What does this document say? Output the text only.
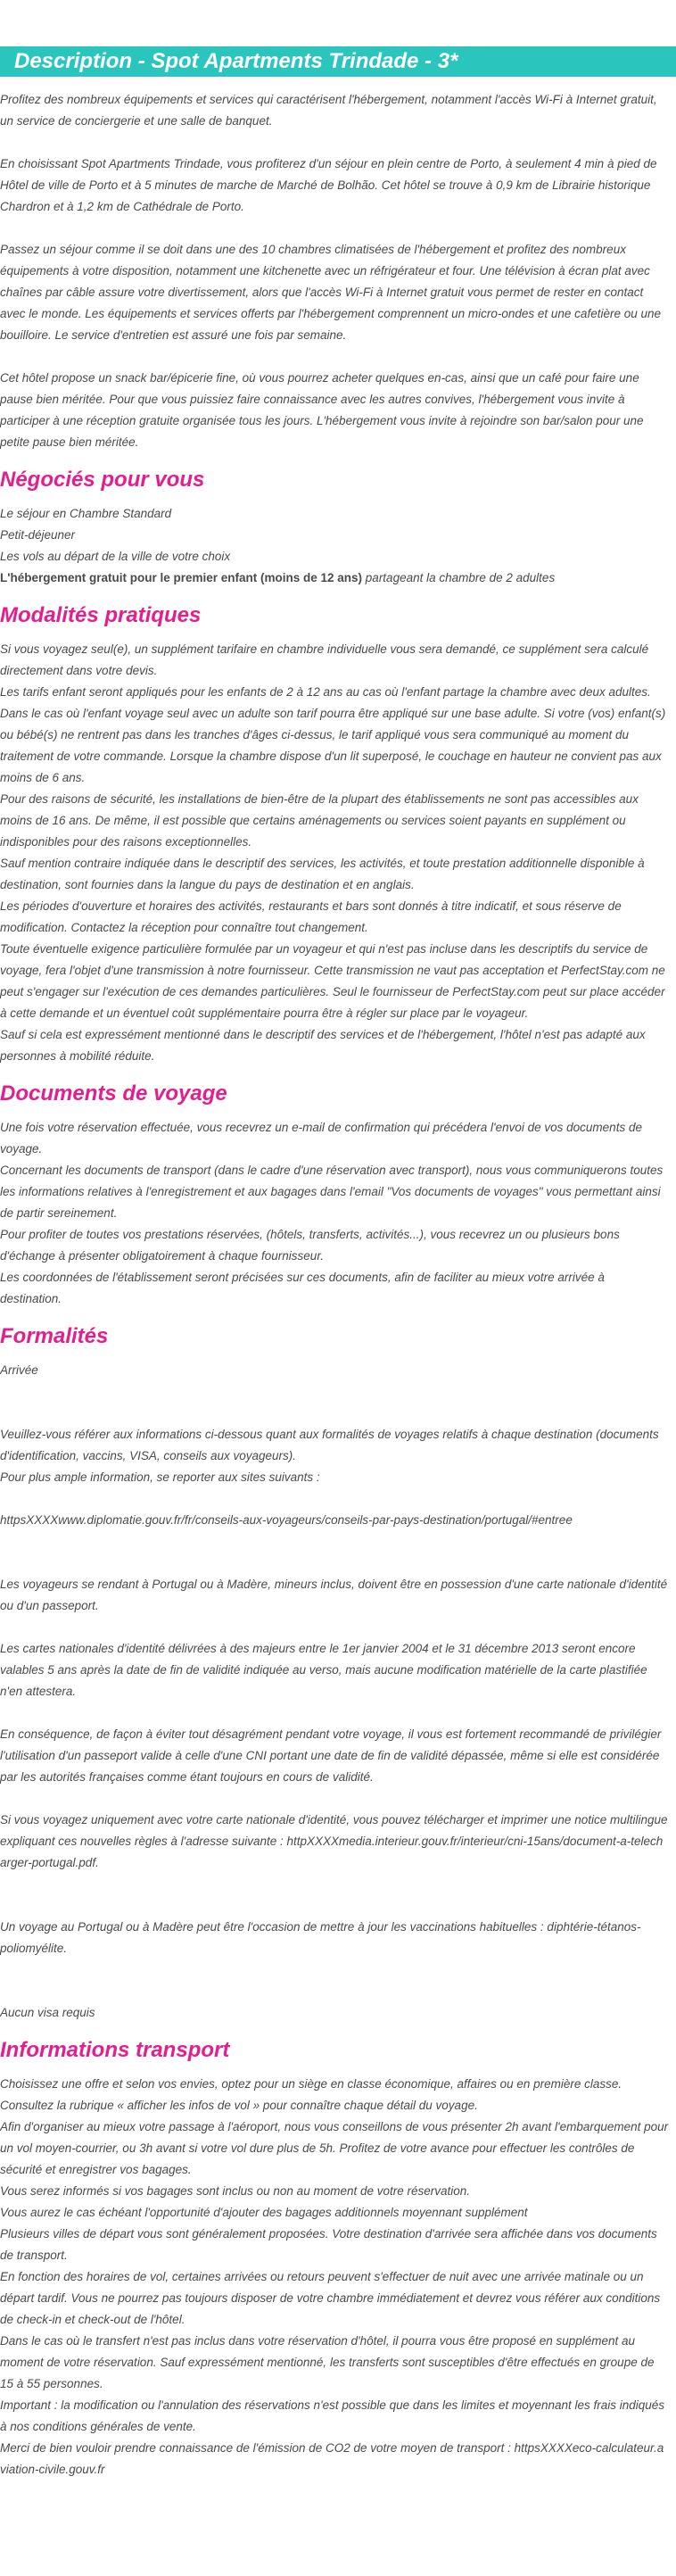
Description - Spot Apartments Trindade - 3*

Profitez des nombreux équipements et services qui caractérisent l'hébergement, notamment l'accès Wi-Fi à Internet gratuit, un service de conciergerie et une salle de banquet.

En choisissant Spot Apartments Trindade, vous profiterez d'un séjour en plein centre de Porto, à seulement 4 min à pied de Hôtel de ville de Porto et à 5 minutes de marche de Marché de Bolhão. Cet hôtel se trouve à 0,9 km de Librairie historique Chardron et à 1,2 km de Cathédrale de Porto.

Passez un séjour comme il se doit dans une des 10 chambres climatisées de l'hébergement et profitez des nombreux équipements à votre disposition, notamment une kitchenette avec un réfrigérateur et four. Une télévision à écran plat avec chaînes par câble assure votre divertissement, alors que l'accès Wi-Fi à Internet gratuit vous permet de rester en contact avec le monde. Les équipements et services offerts par l'hébergement comprennent un micro-ondes et une cafetière ou une bouilloire. Le service d'entretien est assuré une fois par semaine.

Cet hôtel propose un snack bar/épicerie fine, où vous pourrez acheter quelques en-cas, ainsi que un café pour faire une pause bien méritée. Pour que vous puissiez faire connaissance avec les autres convives, l'hébergement vous invite à participer à une réception gratuite organisée tous les jours. L'hébergement vous invite à rejoindre son bar/salon pour une petite pause bien méritée.

Négociés pour vous

Le séjour en Chambre Standard

Petit-déjeuner

Les vols au départ de la ville de votre choix

L'hébergement gratuit pour le premier enfant (moins de 12 ans) partageant la chambre de 2 adultes

Modalités pratiques

Si vous voyagez seul(e), un supplément tarifaire en chambre individuelle vous sera demandé, ce supplément sera calculé directement dans votre devis.

Les tarifs enfant seront appliqués pour les enfants de 2 à 12 ans au cas où l'enfant partage la chambre avec deux adultes. Dans le cas où l'enfant voyage seul avec un adulte son tarif pourra être appliqué sur une base adulte. Si votre (vos) enfant(s) ou bébé(s) ne rentrent pas dans les tranches d'âges ci-dessus, le tarif appliqué vous sera communiqué au moment du traitement de votre commande. Lorsque la chambre dispose d'un lit superposé, le couchage en hauteur ne convient pas aux moins de 6 ans.

Pour des raisons de sécurité, les installations de bien-être de la plupart des établissements ne sont pas accessibles aux moins de 16 ans. De même, il est possible que certains aménagements ou services soient payants en supplément ou indisponibles pour des raisons exceptionnelles.

Sauf mention contraire indiquée dans le descriptif des services, les activités, et toute prestation additionnelle disponible à destination, sont fournies dans la langue du pays de destination et en anglais.

Les périodes d'ouverture et horaires des activités, restaurants et bars sont donnés à titre indicatif, et sous réserve de modification. Contactez la réception pour connaître tout changement.

Toute éventuelle exigence particulière formulée par un voyageur et qui n'est pas incluse dans les descriptifs du service de voyage, fera l'objet d'une transmission à notre fournisseur. Cette transmission ne vaut pas acceptation et PerfectStay.com ne peut s'engager sur l'exécution de ces demandes particulières. Seul le fournisseur de PerfectStay.com peut sur place accéder à cette demande et un éventuel coût supplémentaire pourra être à régler sur place par le voyageur.

Sauf si cela est expressément mentionné dans le descriptif des services et de l'hébergement, l'hôtel n'est pas adapté aux personnes à mobilité réduite.

Documents de voyage

Une fois votre réservation effectuée, vous recevrez un e-mail de confirmation qui précédera l'envoi de vos documents de voyage.

Concernant les documents de transport (dans le cadre d'une réservation avec transport), nous vous communiquerons toutes les informations relatives à l'enregistrement et aux bagages dans l'email "Vos documents de voyages" vous permettant ainsi de partir sereinement.

Pour profiter de toutes vos prestations réservées, (hôtels, transferts, activités...), vous recevrez un ou plusieurs bons d'échange à présenter obligatoirement à chaque fournisseur.

Les coordonnées de l'établissement seront précisées sur ces documents, afin de faciliter au mieux votre arrivée à destination.

Formalités

Arrivée

Veuillez-vous référer aux informations ci-dessous quant aux formalités de voyages relatifs à chaque destination (documents d'identification, vaccins, VISA, conseils aux voyageurs).

Pour plus ample information, se reporter aux sites suivants :

httpsXXXXwww.diplomatie.gouv.fr/fr/conseils-aux-voyageurs/conseils-par-pays-destination/portugal/#entree

Les voyageurs se rendant à Portugal ou à Madère, mineurs inclus, doivent être en possession d'une carte nationale d'identité ou d'un passeport.

Les cartes nationales d'identité délivrées à des majeurs entre le 1er janvier 2004 et le 31 décembre 2013 seront encore valables 5 ans après la date de fin de validité indiquée au verso, mais aucune modification matérielle de la carte plastifiée n'en attestera.

En conséquence, de façon à éviter tout désagrément pendant votre voyage, il vous est fortement recommandé de privilégier l'utilisation d'un passeport valide à celle d'une CNI portant une date de fin de validité dépassée, même si elle est considérée par les autorités françaises comme étant toujours en cours de validité.

Si vous voyagez uniquement avec votre carte nationale d'identité, vous pouvez télécharger et imprimer une notice multilingue expliquant ces nouvelles règles à l'adresse suivante : httpXXXXmedia.interieur.gouv.fr/interieur/cni-15ans/document-a-telecharger-portugal.pdf.

Un voyage au Portugal ou à Madère peut être l'occasion de mettre à jour les vaccinations habituelles : diphtérie-tétanos-poliomyélite.

Aucun visa requis

Informations transport

Choisissez une offre et selon vos envies, optez pour un siège en classe économique, affaires ou en première classe.

Consultez la rubrique « afficher les infos de vol » pour connaître chaque détail du voyage.

Afin d'organiser au mieux votre passage à l'aéroport, nous vous conseillons de vous présenter 2h avant l'embarquement pour un vol moyen-courrier, ou 3h avant si votre vol dure plus de 5h. Profitez de votre avance pour effectuer les contrôles de sécurité et enregistrer vos bagages.

Vous serez informés si vos bagages sont inclus ou non au moment de votre réservation.

Vous aurez le cas échéant l'opportunité d'ajouter des bagages additionnels moyennant supplément

Plusieurs villes de départ vous sont généralement proposées. Votre destination d'arrivée sera affichée dans vos documents de transport.

En fonction des horaires de vol, certaines arrivées ou retours peuvent s'effectuer de nuit avec une arrivée matinale ou un départ tardif. Vous ne pourrez pas toujours disposer de votre chambre immédiatement et devrez vous référer aux conditions de check-in et check-out de l'hôtel.

Dans le cas où le transfert n'est pas inclus dans votre réservation d'hôtel, il pourra vous être proposé en supplément au moment de votre réservation. Sauf expressément mentionné, les transferts sont susceptibles d'être effectués en groupe de 15 à 55 personnes.

Important : la modification ou l'annulation des réservations n'est possible que dans les limites et moyennant les frais indiqués à nos conditions générales de vente.

Merci de bien vouloir prendre connaissance de l'émission de CO2 de votre moyen de transport : httpsXXXXeco-calculateur.aviation-civile.gouv.fr
